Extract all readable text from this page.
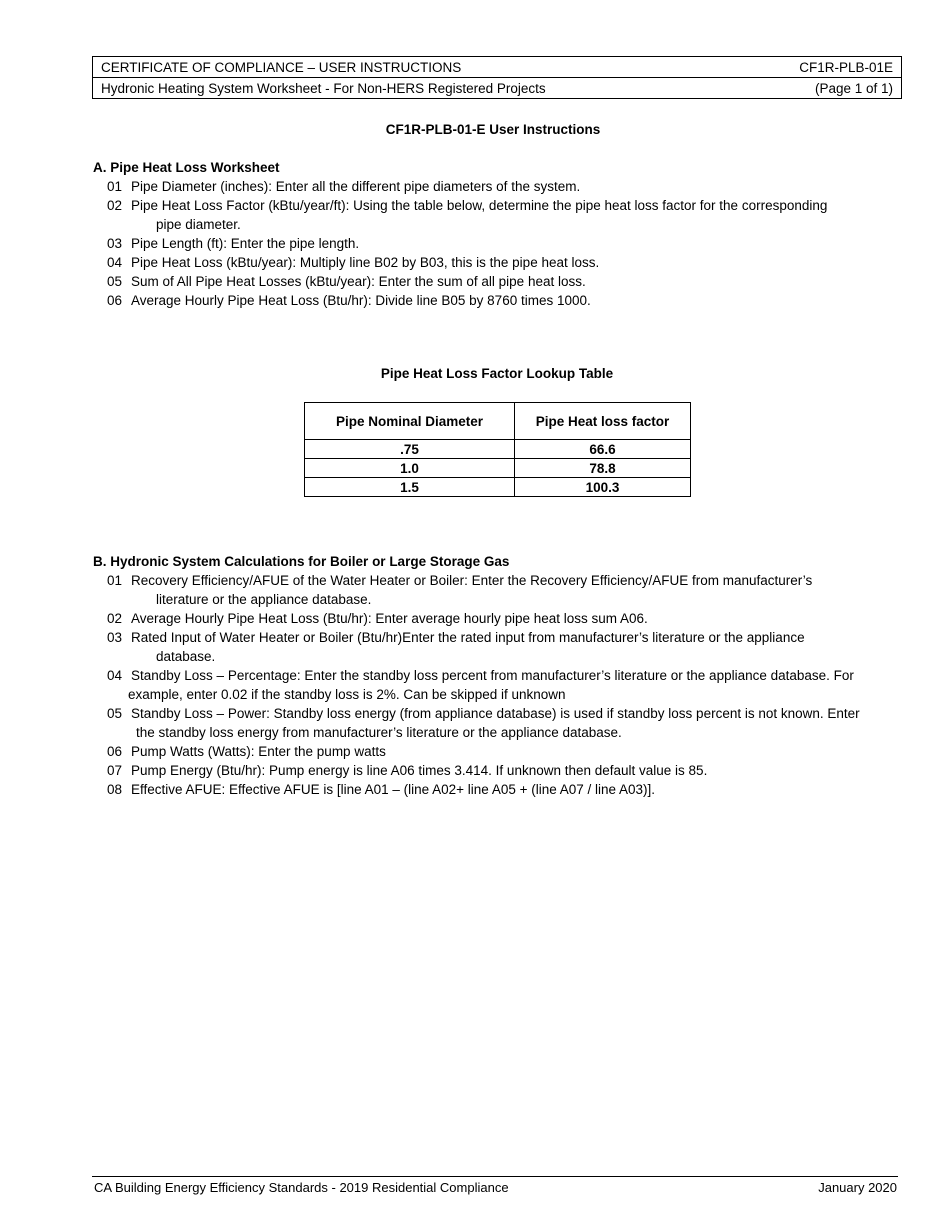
CERTIFICATE OF COMPLIANCE – USER INSTRUCTIONS	CF1R-PLB-01E
Hydronic Heating System Worksheet - For Non-HERS Registered Projects	(Page 1 of 1)
CF1R-PLB-01-E User Instructions
A. Pipe Heat Loss Worksheet
01 Pipe Diameter (inches): Enter all the different pipe diameters of the system.
02 Pipe Heat Loss Factor (kBtu/year/ft): Using the table below, determine the pipe heat loss factor for the corresponding
pipe diameter.
03 Pipe Length (ft): Enter the pipe length.
04 Pipe Heat Loss (kBtu/year): Multiply line B02 by B03, this is the pipe heat loss.
05 Sum of All Pipe Heat Losses (kBtu/year): Enter the sum of all pipe heat loss.
06 Average Hourly Pipe Heat Loss (Btu/hr): Divide line B05 by 8760 times 1000.
Pipe Heat Loss Factor Lookup Table
Pipe Nominal Diameter	Pipe Heat loss factor
.75	66.6
1.0	78.8
1.5	100.3
B. Hydronic System Calculations for Boiler or Large Storage Gas
01 Recovery Efficiency/AFUE of the Water Heater or Boiler: Enter the Recovery Efficiency/AFUE from manufacturer’s
literature or the appliance database.
02 Average Hourly Pipe Heat Loss (Btu/hr): Enter average hourly pipe heat loss sum A06.
03 Rated Input of Water Heater or Boiler (Btu/hr)Enter the rated input from manufacturer’s literature or the appliance
database.
04 Standby Loss – Percentage: Enter the standby loss percent from manufacturer’s literature or the appliance database. For
example, enter 0.02 if the standby loss is 2%. Can be skipped if unknown
05 Standby Loss – Power: Standby loss energy (from appliance database) is used if standby loss percent is not known. Enter
the standby loss energy from manufacturer’s literature or the appliance database.
06 Pump Watts (Watts): Enter the pump watts
07 Pump Energy (Btu/hr): Pump energy is line A06 times 3.414. If unknown then default value is 85.
08 Effective AFUE: Effective AFUE is [line A01 – (line A02+ line A05 + (line A07 / line A03)].
CA Building Energy Efficiency Standards - 2019 Residential Compliance	January 2020
